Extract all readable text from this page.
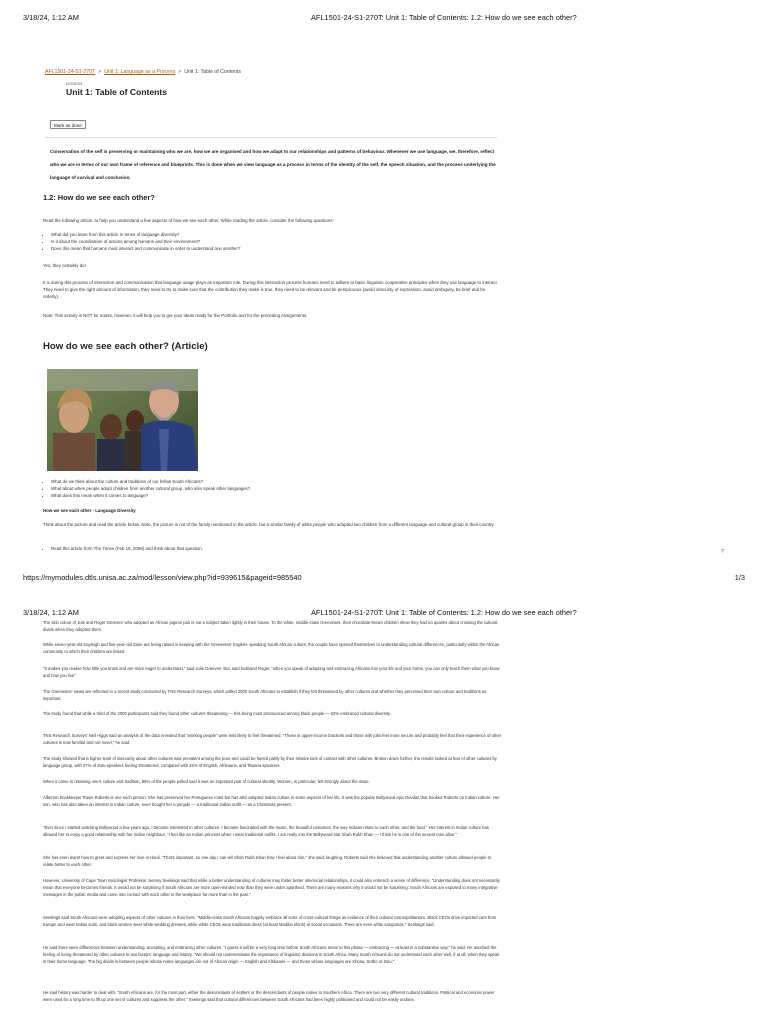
3/18/24, 1:12 AM	AFL1501-24-S1-270T: Unit 1: Table of Contents: 1.2: How do we see each other?
AFL1501-24-S1-270T > Unit 1: Language as a Process > Unit 1: Table of Contents
LESSON
Unit 1: Table of Contents
Mark as done
Conservation of the self is preserving or maintaining who we are, how we are organised and how we adapt to our relationships and patterns of behaviour. Whenever we use language, we, therefore, reflect who we are in terms of our own frame of reference and blueprints. This is done when we view language as a process in terms of the identity of the self, the speech situation, and the process underlying the language of survival and conclusion.
1.2: How do we see each other?
Read the following article, to help you understand a few aspects of how we see each other. While reading the article, consider the following questions:
• What did you learn from this article in terms of language diversity?
• Is it about the coordination of actions among humans and their environment?
• Does this mean that humans must interact and communicate in order to understand one another?
Yes, they certainly do!
It is during this process of interaction and communication that language usage plays an important role. During this interaction process humans need to adhere to basic linguistic cooperative principles when they use language to interact. They need to give the right amount of information, they need to try to make sure that the contribution they make is true, they need to be relevant and be perspicuous (avoid obscurity of expression, avoid ambiguity, be brief and be orderly).
Note: This activity is NOT for marks, however, it will help you to get your ideas ready for the Portfolio and for the preceding Assignments.
How do we see each other? (Article)
• What do we think about the culture and traditions of our fellow South Africans?
• What about when people adopt children from another cultural group, who also speak other languages?
• What does this mean when it comes to language?
How we see each other - Language Diversity
Think about the picture and read the article below. Note, the picture is not of the family mentioned in the article, but a similar family of white people who adopted two children from a different language and cultural group in their country.
• Read this article from The Times (Feb 16, 2008) and think about that question.
?
https://mymodules.dtls.unisa.ac.za/mod/lesson/view.php?id=939615&pageid=985540	1/3
3/18/24, 1:12 AM	AFL1501-24-S1-270T: Unit 1: Table of Contents: 1.2: How do we see each other?
The skin colour of Jule and Roger Greeves' who adopted an African pigeon pair is not a subject taken lightly in their house. To the white, middle-class Greeveses, their chocolate-brown children show they had no qualms about crossing the cultural divide when they adopted them.
While seven-year-old Kayleigh and five-year-old Zane are being raised in keeping with the Greeveses' English- speaking South African culture, the couple have opened themselves to understanding cultural differences, particularly within the African community to which their children are linked.
"It makes you realise how little you know and are more eager to understand," said Julie Greeves. But, said husband Roger, "when you speak of adopting and embracing Africans into your life and your home, you can only teach them what you know and how you live".
The Greeveses' views are reflected in a recent study conducted by TNS Research Surveys, which polled 2000 South Africans to establish if they felt threatened by other cultures and whether they perceived their own culture and traditions as important.
The study found that while a third of the 2000 participants said they found other cultures threatening — this being most pronounced among black people — 63% embraced cultural diversity.
TNS Research Surveys' Neil Higgs said an analysis of the data revealed that "working people" were less likely to feel threatened. "Those in upper-income brackets and those with jobs feel more secure and probably feel that their experience of other cultures is now familiar and not novel," he said.
The study showed that a higher level of insecurity about other cultures was prevalent among the poor and could be fueled partly by their relative lack of contact with other cultures. Broken down further, the results looked at fear of other cultures by language group, with 37% of Zulu-speakers feeling threatened, compared with 25% of English, Afrikaans, and Tswana speakers.
When it came to retaining one's culture and tradition, 86% of the people polled said it was an important part of cultural identity. Women, in particular, felt strongly about the issue.
Alberton bookkeeper Rosie Roberts is one such person. She has preserved her Portuguese roots but has also adopted Indian culture in some aspects of her life. It was the popular Bollywood epic Devdas that hooked Roberts on Indian culture. Her son, who has also taken an interest in Indian culture, even bought her a punjabi — a traditional Indian outfit — as a Christmas present.
"Ever since I started watching Bollywood a few years ago, I became interested in other cultures. I became fascinated with the music, the beautiful costumes, the way Indians relate to each other, and the food." Her interest in Indian culture has allowed her to enjoy a good relationship with her Indian neighbour. "I feel like an Indian princess when I wear traditional outfits. I am really into the Bollywood star Shah Rukh Khan — I think he is one of the sexiest men alive."
She has even learnt how to greet and express her love in Hindi. "That's important, so one day I can tell Shah Rukh Khan how I feel about him," she said, laughing. Roberts said she believed that understanding another culture allowed people to relate better to each other.
However, University of Cape Town sociologist Professor Jeremy Seekings said that while a better understanding of cultures may foster better interracial relationships, it could also entrench a sense of difference. "Understanding does not necessarily mean that everyone becomes friends. It would not be surprising if South Africans are more open-minded now than they were under apartheid. There are many reasons why it would not be surprising: South Africans are exposed to many integrative messages in the public media and come into contact with each other in the workplace far more than in the past."
Seekings said South Africans were adopting aspects of other cultures in their lives. "Middle-class South Africans happily embrace all sorts of cross-cultural things as evidence of their cultural cosmopolitanism. Black CEOs drive imported cars from Europe and wear Italian suits, and black women wear white wedding dresses, while white CEOs wear traditional dress (at least Madiba shirts) at social occasions. There are even white sangomas," Seekings said.
He said there were differences between understanding, accepting, and embracing other cultures. "I guess it will be a very long time before South Africans move to this phase — embracing — at least in a substantive way," he said. He ascribed the feeling of being threatened by other cultures to two factors: language and history. "We should not underestimate the importance of linguistic divisions in South Africa. Many South Africans do not understand each other well, if at all, when they speak in their home language. The big divide is between people whose home languages are not of African origin — English and Afrikaans — and those whose languages are Xhosa, Sotho or Zulu."
He said history was harder to deal with. "South Africans are, for the most part, either the descendants of settlers or the descendants of people native to Southern Africa. There are two very different cultural traditions. Political and economic power were used for a long time to lift up one set of cultures and suppress the other." Seekings said that cultural differences between South Africans had been highly politicised and could not be easily undone.
